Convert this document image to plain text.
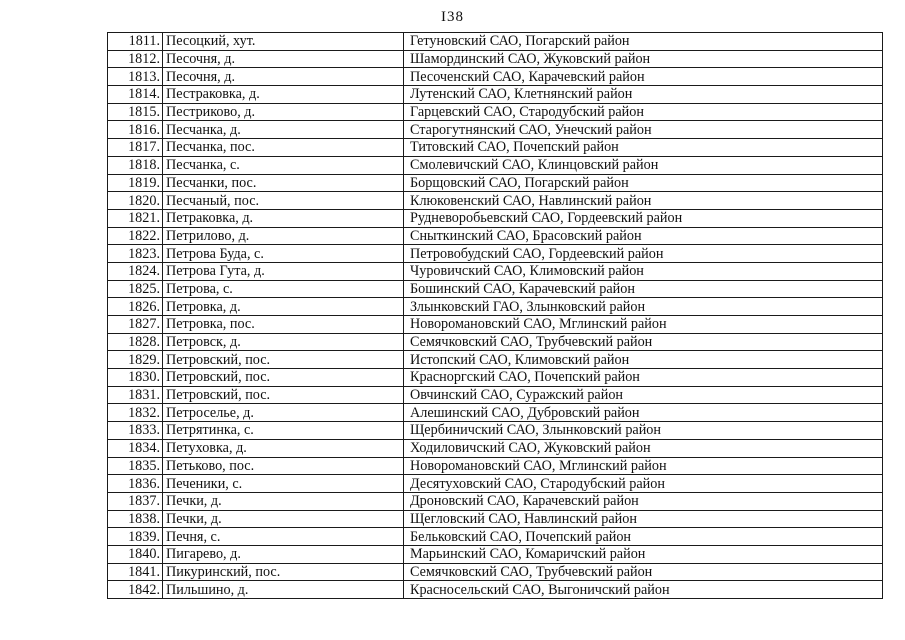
I38
1811.	Песоцкий, хут.	Гетуновский САО, Погарский район
1812.	Песочня, д.	Шамординский САО, Жуковский район
1813.	Песочня, д.	Песоченский САО, Карачевский район
1814.	Пестраковка, д.	Лутенский САО, Клетнянский район
1815.	Пестриково, д.	Гарцевский САО, Стародубский район
1816.	Песчанка, д.	Старогутнянский САО, Унечский район
1817.	Песчанка, пос.	Титовский САО, Почепский район
1818.	Песчанка, с.	Смолевичский САО, Клинцовский район
1819.	Песчанки, пос.	Борщовский САО, Погарский район
1820.	Песчаный, пос.	Клюковенский САО, Навлинский район
1821.	Петраковка, д.	Рудневоробьевский САО, Гордеевский район
1822.	Петрилово, д.	Сныткинский САО, Брасовский район
1823.	Петрова Буда, с.	Петровобудский САО, Гордеевский район
1824.	Петрова Гута, д.	Чуровичский САО, Климовский район
1825.	Петрова, с.	Бошинский САО, Карачевский район
1826.	Петровка, д.	Злынковский ГАО, Злынковский район
1827.	Петровка, пос.	Новоромановский САО, Мглинский район
1828.	Петровск, д.	Семячковский САО, Трубчевский район
1829.	Петровский, пос.	Истопский САО, Климовский район
1830.	Петровский, пос.	Красноргский САО, Почепский район
1831.	Петровский, пос.	Овчинский САО, Суражский район
1832.	Петроселье, д.	Алешинский САО, Дубровский район
1833.	Петрятинка, с.	Щербиничский САО, Злынковский район
1834.	Петуховка, д.	Ходиловичский САО, Жуковский район
1835.	Петьково, пос.	Новоромановский САО, Мглинский район
1836.	Печеники, с.	Десятуховский САО, Стародубский район
1837.	Печки, д.	Дроновский САО, Карачевский район
1838.	Печки, д.	Щегловский САО, Навлинский район
1839.	Печня, с.	Бельковский САО, Почепский район
1840.	Пигарево, д.	Марьинский САО, Комаричский район
1841.	Пикуринский, пос.	Семячковский САО, Трубчевский район
1842.	Пильшино, д.	Красносельский САО, Выгоничский район
